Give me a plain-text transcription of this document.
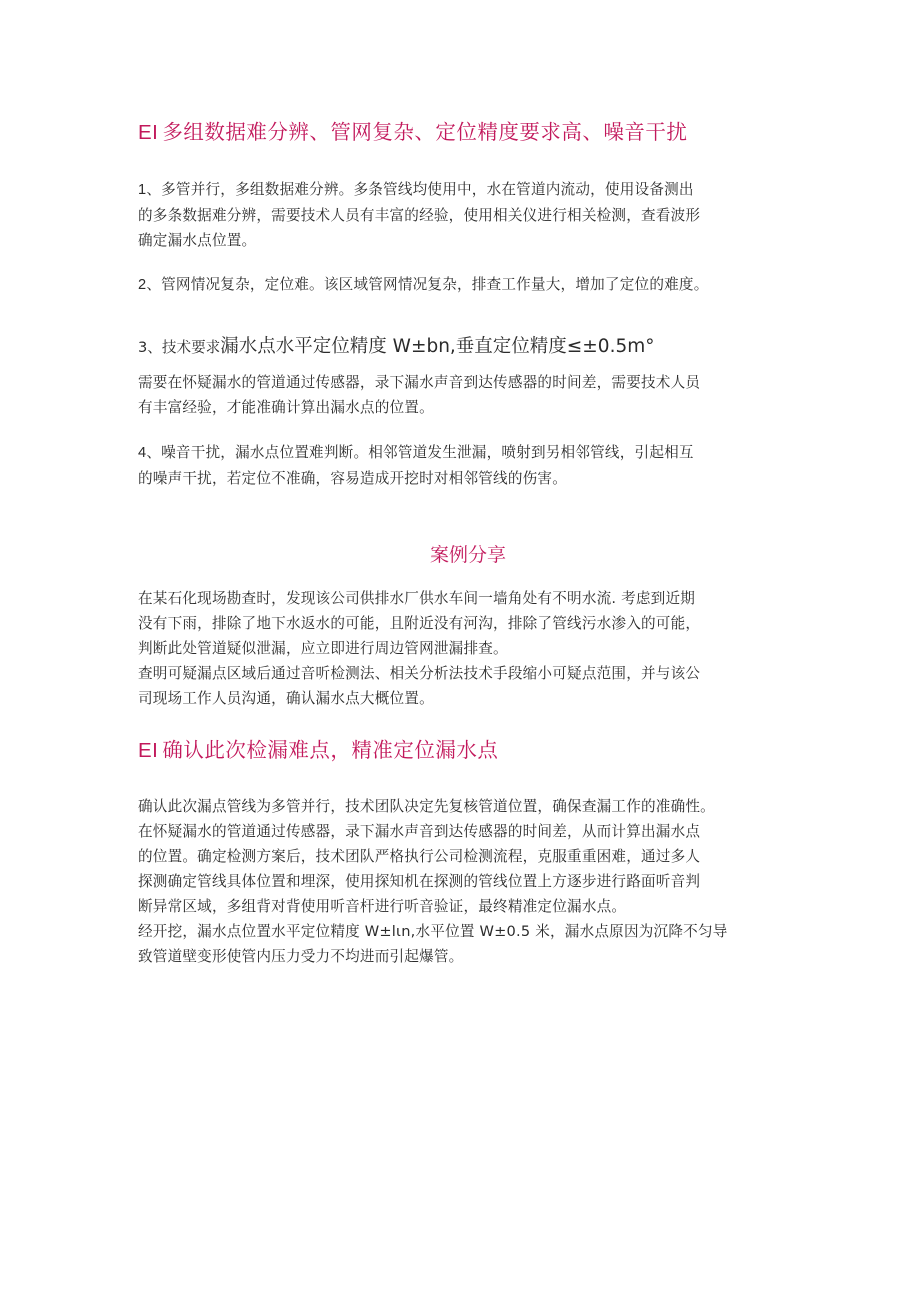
EI 多组数据难分辨、管网复杂、定位精度要求高、噪音干扰
1、多管并行，多组数据难分辨。多条管线均使用中，水在管道内流动，使用设备测出
的多条数据难分辨，需要技术人员有丰富的经验，使用相关仪进行相关检测，查看波形
确定漏水点位置。
2、管网情况复杂，定位难。该区域管网情况复杂，排查工作量大，增加了定位的难度。
3、技术要求漏水点水平定位精度 W±bn,垂直定位精度≤±0.5m°
需要在怀疑漏水的管道通过传感器，录下漏水声音到达传感器的时间差，需要技术人员
有丰富经验，才能准确计算出漏水点的位置。
4、噪音干扰，漏水点位置难判断。相邻管道发生泄漏，喷射到另相邻管线，引起相互
的噪声干扰，若定位不准确，容易造成开挖时对相邻管线的伤害。
案例分享
在某石化现场勘查时，发现该公司供排水厂供水车间一墙角处有不明水流. 考虑到近期
没有下雨，排除了地下水返水的可能，且附近没有河沟，排除了管线污水渗入的可能，
判断此处管道疑似泄漏，应立即进行周边管网泄漏排查。
查明可疑漏点区域后通过音听检测法、相关分析法技术手段缩小可疑点范围，并与该公
司现场工作人员沟通，确认漏水点大概位置。
EI 确认此次检漏难点，精准定位漏水点
确认此次漏点管线为多管并行，技术团队决定先复核管道位置，确保查漏工作的准确性。
在怀疑漏水的管道通过传感器，录下漏水声音到达传感器的时间差，从而计算出漏水点
的位置。确定检测方案后，技术团队严格执行公司检测流程，克服重重困难，通过多人
探测确定管线具体位置和埋深，使用探知机在探测的管线位置上方逐步进行路面听音判
断异常区域，多组背对背使用听音杆进行听音验证，最终精准定位漏水点。
经开挖，漏水点位置水平定位精度 W±lιn,水平位置 W±0.5 米，漏水点原因为沉降不匀导
致管道壁变形使管内压力受力不均进而引起爆管。
